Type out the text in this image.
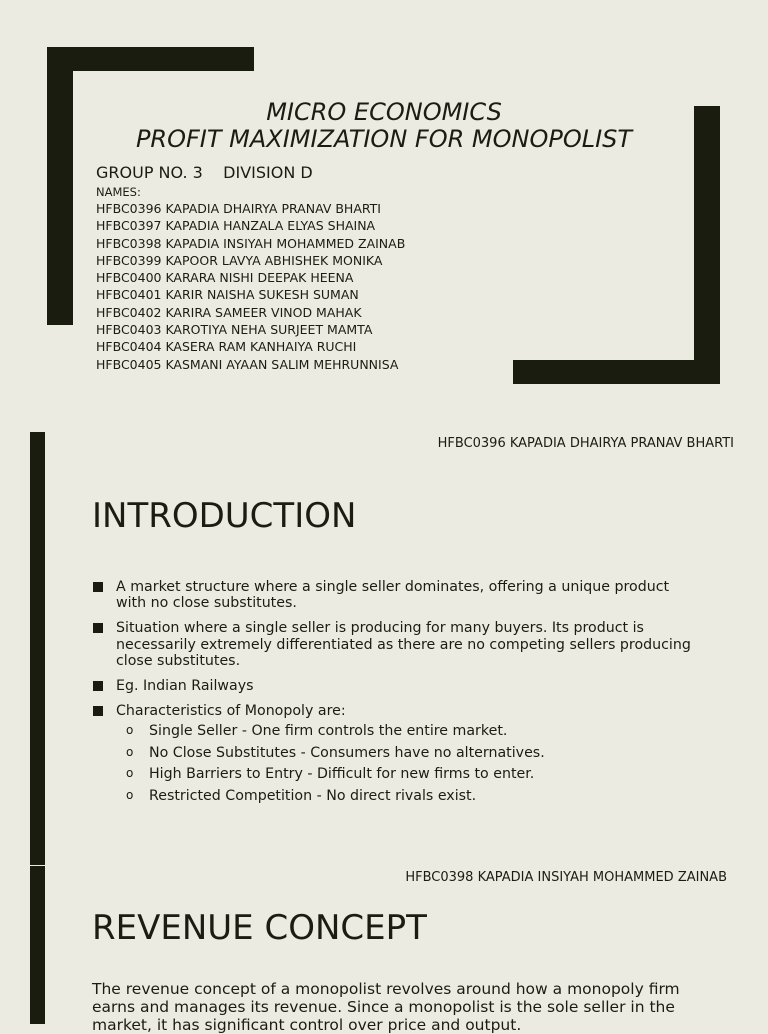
MICRO ECONOMICS
PROFIT MAXIMIZATION FOR MONOPOLIST
GROUP NO. 3    DIVISION D
NAMES:
HFBC0396 KAPADIA DHAIRYA PRANAV BHARTI
HFBC0397 KAPADIA HANZALA ELYAS SHAINA
HFBC0398 KAPADIA INSIYAH MOHAMMED ZAINAB
HFBC0399 KAPOOR LAVYA ABHISHEK MONIKA
HFBC0400 KARARA NISHI DEEPAK HEENA
HFBC0401 KARIR NAISHA SUKESH SUMAN
HFBC0402 KARIRA SAMEER VINOD MAHAK
HFBC0403 KAROTIYA NEHA SURJEET MAMTA
HFBC0404 KASERA RAM KANHAIYA RUCHI
HFBC0405 KASMANI AYAAN SALIM MEHRUNNISA
HFBC0396 KAPADIA DHAIRYA PRANAV BHARTI
INTRODUCTION
A market structure where a single seller dominates, offering a unique product with no close substitutes.
Situation where a single seller is producing for many buyers. Its product is necessarily extremely differentiated as there are no competing sellers producing close substitutes.
Eg. Indian Railways
Characteristics of Monopoly are:
o Single Seller - One firm controls the entire market.
o No Close Substitutes - Consumers have no alternatives.
o High Barriers to Entry - Difficult for new firms to enter.
o Restricted Competition - No direct rivals exist.
HFBC0398 KAPADIA INSIYAH MOHAMMED ZAINAB
REVENUE CONCEPT

The revenue concept of a monopolist revolves around how a monopoly firm earns and manages its revenue. Since a monopolist is the sole seller in the market, it has significant control over price and output.
